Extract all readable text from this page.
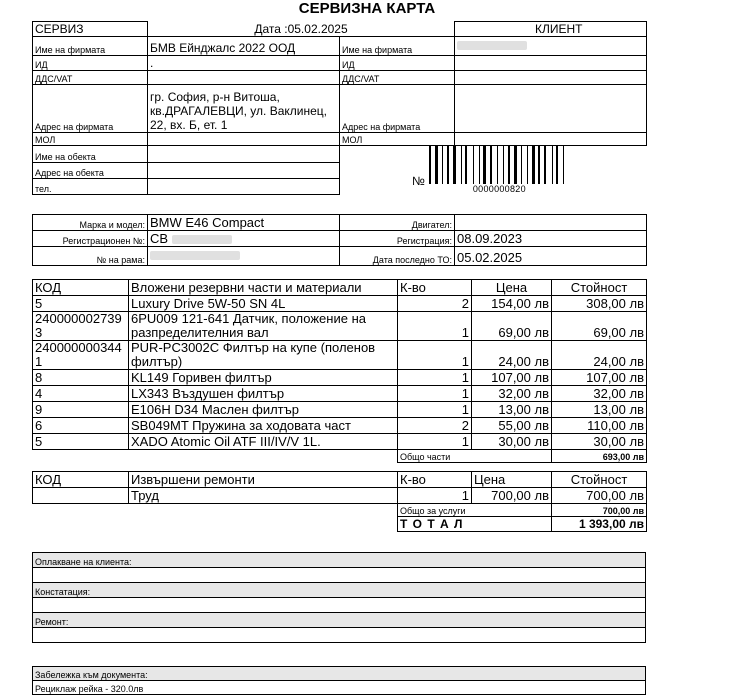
СЕРВИЗНА КАРТА
СЕРВИЗ	Дата :05.02.2025		КЛИЕНТ
Име на фирмата	БМВ Ейнджалс 2022 ООД	Име на фирмата	
ИД	.	ИД	
ДДС/VAT		ДДС/VAT	
Адрес на фирмата	гр. София, р-н Витоша, кв.ДРАГАЛЕВЦИ, ул. Ваклинец, 22, вх. Б, ет. 1	Адрес на фирмата	
МОЛ		МОЛ	
Име на обекта		№
0000000820	

Адрес на обекта			
тел.			
Марка и модел:	BMW E46 Compact	Двигател:	
Регистрационен №:	CB	Регистрация:	08.09.2023
№ на рама:		Дата последно ТО:	05.02.2025
КОД	Вложени резервни части и материали	К-во	Цена	Стойност
5	Luxury Drive 5W-50 SN 4L	2	154,00 лв	308,00 лв
2400000027393	6PU009 121-641 Датчик, положение на разпределителния вал	1	69,00 лв	69,00 лв
2400000003441	PUR-PC3002C Филтър на купе (поленов филтър)	1	24,00 лв	24,00 лв
8	KL149 Горивен филтър	1	107,00 лв	107,00 лв
4	LX343 Въздушен филтър	1	32,00 лв	32,00 лв
9	E106H D34 Маслен филтър	1	13,00 лв	13,00 лв
6	SB049MT Пружина за ходовата част	2	55,00 лв	110,00 лв
5	XADO Atomic Oil ATF III/IV/V 1L.	1	30,00 лв	30,00 лв
		Общо части		693,00 лв
КОД	Извършени ремонти	К-во	Цена	Стойност
	Труд	1	700,00 лв	700,00 лв
		Общо за услуги		700,00 лв
		Т О Т А Л		1 393,00 лв
Оплакване на клиента:

Констатация:

Ремонт:

Забележка към документа:
Рециклаж рейка - 320.0лв
